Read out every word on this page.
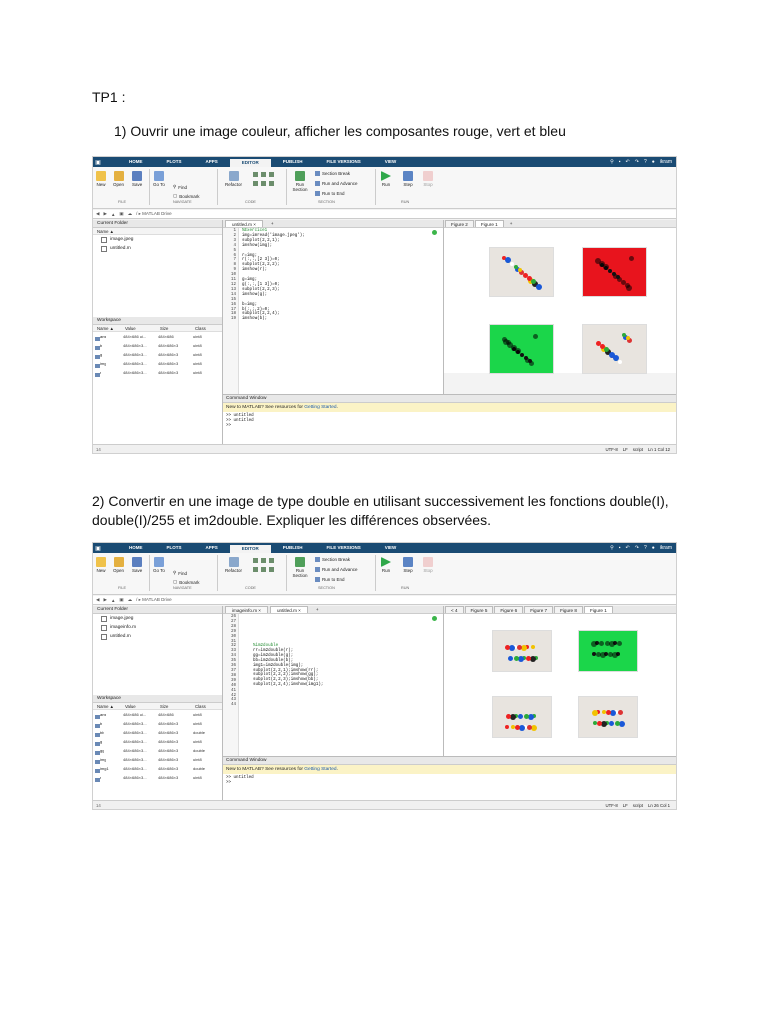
TP1 :
1) Ouvrir une image couleur, afficher les composantes rouge, vert et bleu
▣	HOME	PLOTS	APPS	EDITOR	PUBLISH	FILE VERSIONS	VIEW	⚲ ▪ ↶ ↷ ? ● ikram
New Open Save
FILE
Go To ⚲ Find
▢ Bookmark
NAVIGATE
Refactor
CODE
Run Section
Section Break
Run and Advance
Run to End
SECTION
Run	Step Stop
RUN
◀ ▶ ▲ ▣ ☁ / ▸ MATLAB Drive
Current Folder
Name ▲
image.jpeg
untitled.m
Workspace
Name ▲	Value	Size	Class
ans	484×686 ui...	484×686	uint8
b	484×686×3...	484×686×3	uint8
g	484×686×3...	484×686×3	uint8
img	484×686×3...	484×686×3	uint8
r	484×686×3...	484×686×3	uint8
untitled.m ×	+
1
2
3
4
5
6
7
8
9
10
11
12
13
14
15
16
17
18
19
%Exercice1
img=imread('image.jpeg');
subplot(2,2,1);
imshow(img);

r=img;
r(:,:,[2 3])=0;
subplot(2,2,2);
imshow(r);

g=img;
g(:,:,[1 3])=0;
subplot(2,2,3);
imshow(g);

b=img;
b(:,:,2)=0;
subplot(2,2,4);
imshow(b);
Figure 2	Figure 1	+
Command Window
New to MATLAB? See resources for Getting Started.
>> untitled
>> untitled
>>
14	UTF-8 LF script Ln 1 Col 12
2) Convertir en une image de type double en utilisant successivement les fonctions double(I), double(I)/255 et im2double. Expliquer les différences observées.
▣	HOME	PLOTS	APPS	EDITOR	PUBLISH	FILE VERSIONS	VIEW	⚲ ▪ ↶ ↷ ? ● ikram
New Open Save
FILE
Go To ⚲ Find
▢ Bookmark
NAVIGATE
Refactor
CODE
Run Section
Section Break
Run and Advance
Run to End
SECTION
Run	Step Stop
RUN
◀ ▶ ▲ ▣ ☁ / ▸ MATLAB Drive
Current Folder
image.jpeg
imageinfo.m
untitled.m
Workspace
Name ▲	Value	Size	Class
ans	484×686 ui...	484×686	uint8
b	484×686×3...	484×686×3	uint8
bb	484×686×3...	484×686×3	double
g	484×686×3...	484×686×3	uint8
gg	484×686×3...	484×686×3	double
img	484×686×3...	484×686×3	uint8
img1	484×686×3...	484×686×3	double
r	484×686×3...	484×686×3	uint8
imageinfo.m ×	untitled.m ×	+
26
27
28
29
30
31
32
33
34
35
36
37
38
39
40
41
42
43
44
%im2double
rr=im2double(r);
gg=im2double(g);
bb=im2double(b);
img1=im2double(img);
subplot(2,2,1);imshow(rr);
subplot(2,2,2);imshow(gg);
subplot(2,2,3);imshow(bb);
subplot(2,2,4);imshow(img1);
< 4	Figure 5	Figure 6	Figure 7	Figure 8	Figure 1
Command Window
New to MATLAB? See resources for Getting Started.
>> untitled
>>
14	UTF-8 LF script Ln 26 Col 1
